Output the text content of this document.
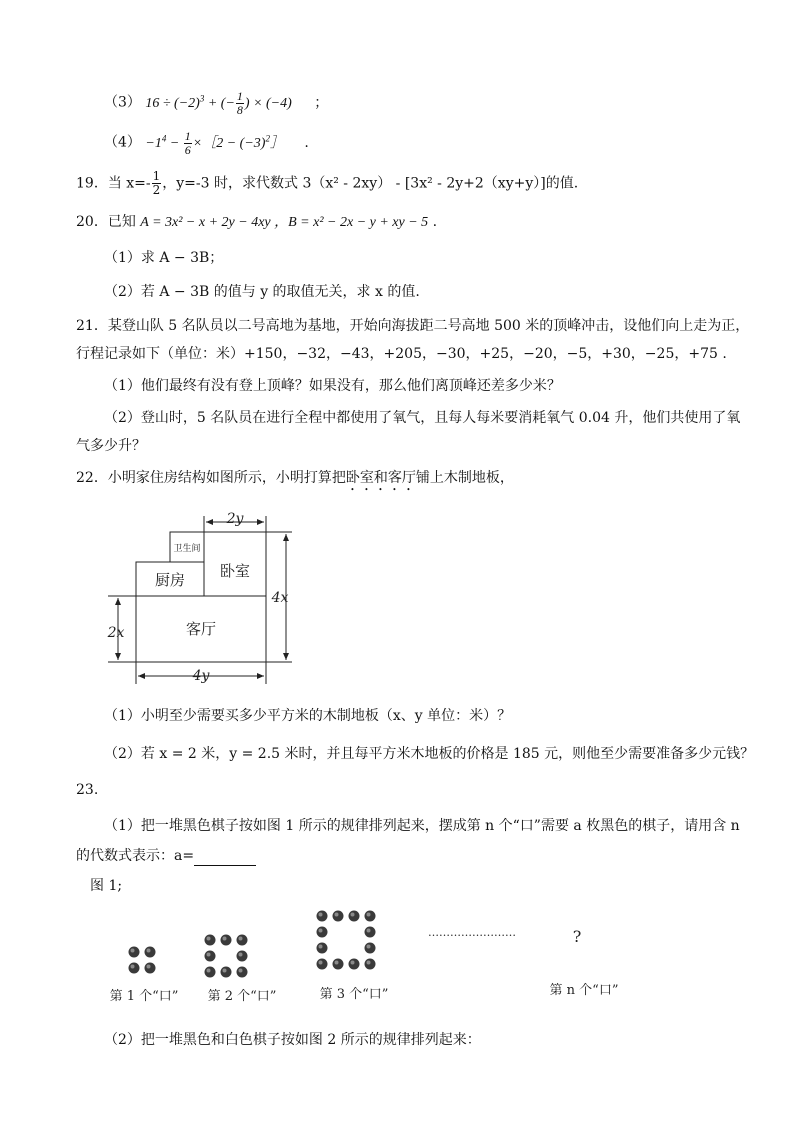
（3） $16 \div (-2)^3$ + (− $\frac{1}{8}$ ) × (−4) ；
$(4) -1^4 - \frac{1}{6}$ ×［2 − $(-3)^2]$ .
19．当 $x=- \frac{1}{2}$ ，y=-3 时，求代数式 3（x² - 2xy） - [3x² - 2y+2（xy+y）]的值.
20．已知 A = 3x² − x + 2y − 4xy ，B = x² − 2x − y + xy − 5 .
（1）求 A − 3B；
（2）若 A − 3B 的值与 y 的取值无关，求 x 的值.
21．某登山队 5 名队员以二号高地为基地，开始向海拔距二号高地 500 米的顶峰冲击，设他们向上走为正，
行程记录如下（单位：米）+150，−32，−43，+205，−30，+25，−20，−5，+30，−25，+75 .
（1）他们最终有没有登上顶峰？如果没有，那么他们离顶峰还差多少米？
（2）登山时，5 名队员在进行全程中都使用了氧气，且每人每米要消耗氧气 0.04 升，他们共使用了氧
气多少升？
22．小明家住房结构如图所示，小明打算把卧室和客厅铺上木制地板，
卫生间
厨房 卧室
客厅
2y
4x
2x
4y
（1）小明至少需要买多少平方米的木制地板（x、y 单位：米）？
（2）若 x = 2 米，y = 2.5 米时，并且每平方米木地板的价格是 185 元，则他至少需要准备多少元钱？
23.
（1）把一堆黑色棋子按如图 1 所示的规律排列起来，摆成第 n 个“口”需要 a 枚黑色的棋子，请用含 n
的代数式表示：a=
图 1;
第 1 个“口” 第 2 个“口”	第 3 个“口”
……………………	?
第 n 个“口”
（2）把一堆黑色和白色棋子按如图 2 所示的规律排列起来：
